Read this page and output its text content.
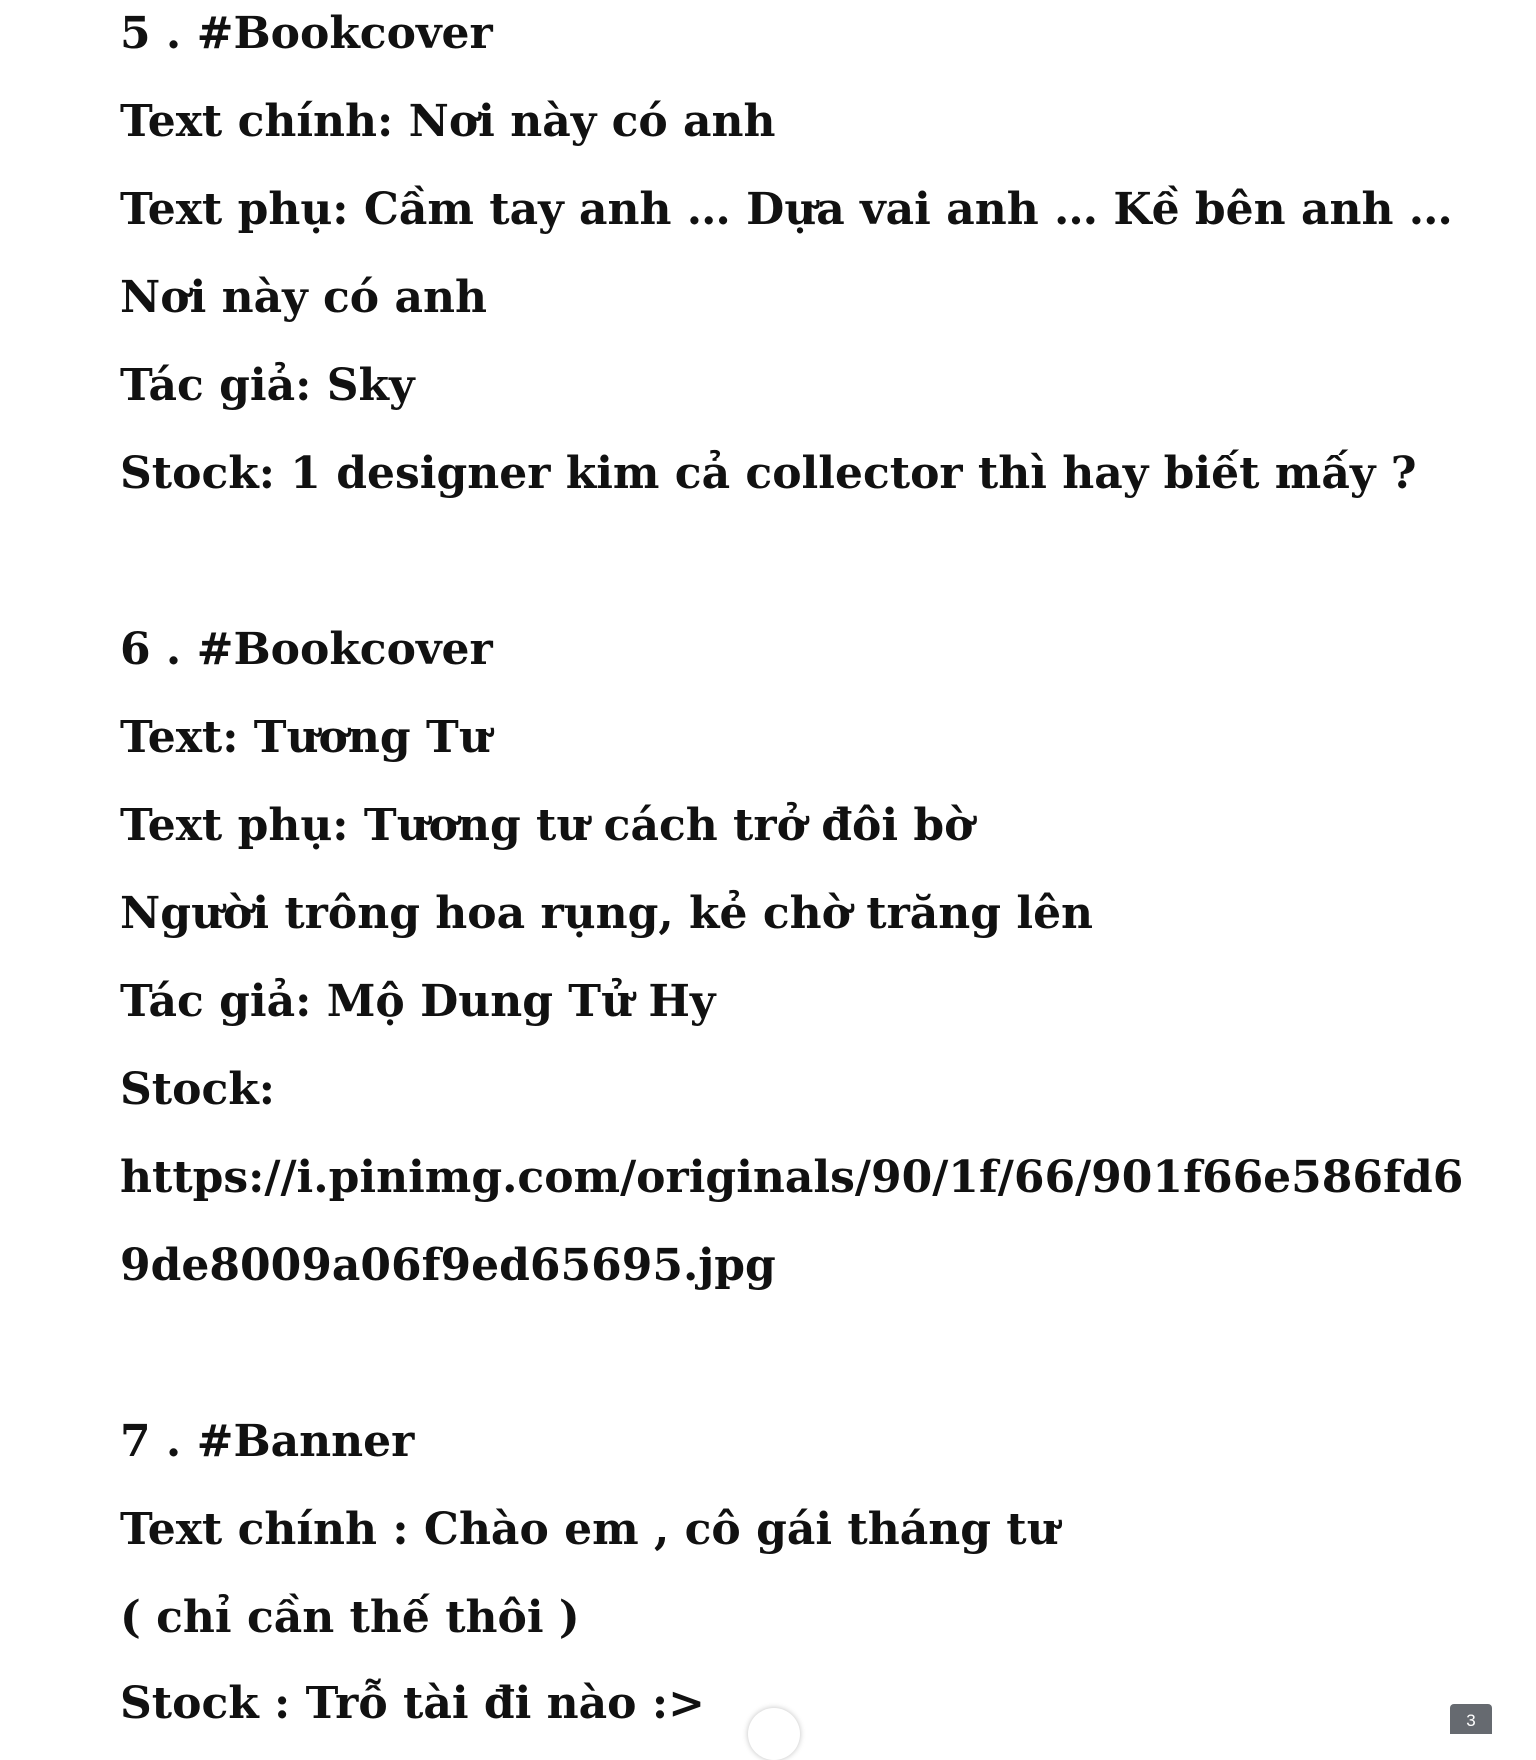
5 . #Bookcover
Text chính: Nơi này có anh
Text phụ: Cầm tay anh … Dựa vai anh … Kề bên anh …
Nơi này có anh
Tác giả: Sky
Stock: 1 designer kim cả collector thì hay biết mấy ?
6 . #Bookcover
Text: Tương Tư
Text phụ: Tương tư cách trở đôi bờ
Người trông hoa rụng, kẻ chờ trăng lên
Tác giả: Mộ Dung Tử Hy
Stock:
https://i.pinimg.com/originals/90/1f/66/901f66e586fd6
9de8009a06f9ed65695.jpg
7 . #Banner
Text chính : Chào em , cô gái tháng tư
( chỉ cần thế thôi )
Stock : Trỗ tài đi nào :>	3
